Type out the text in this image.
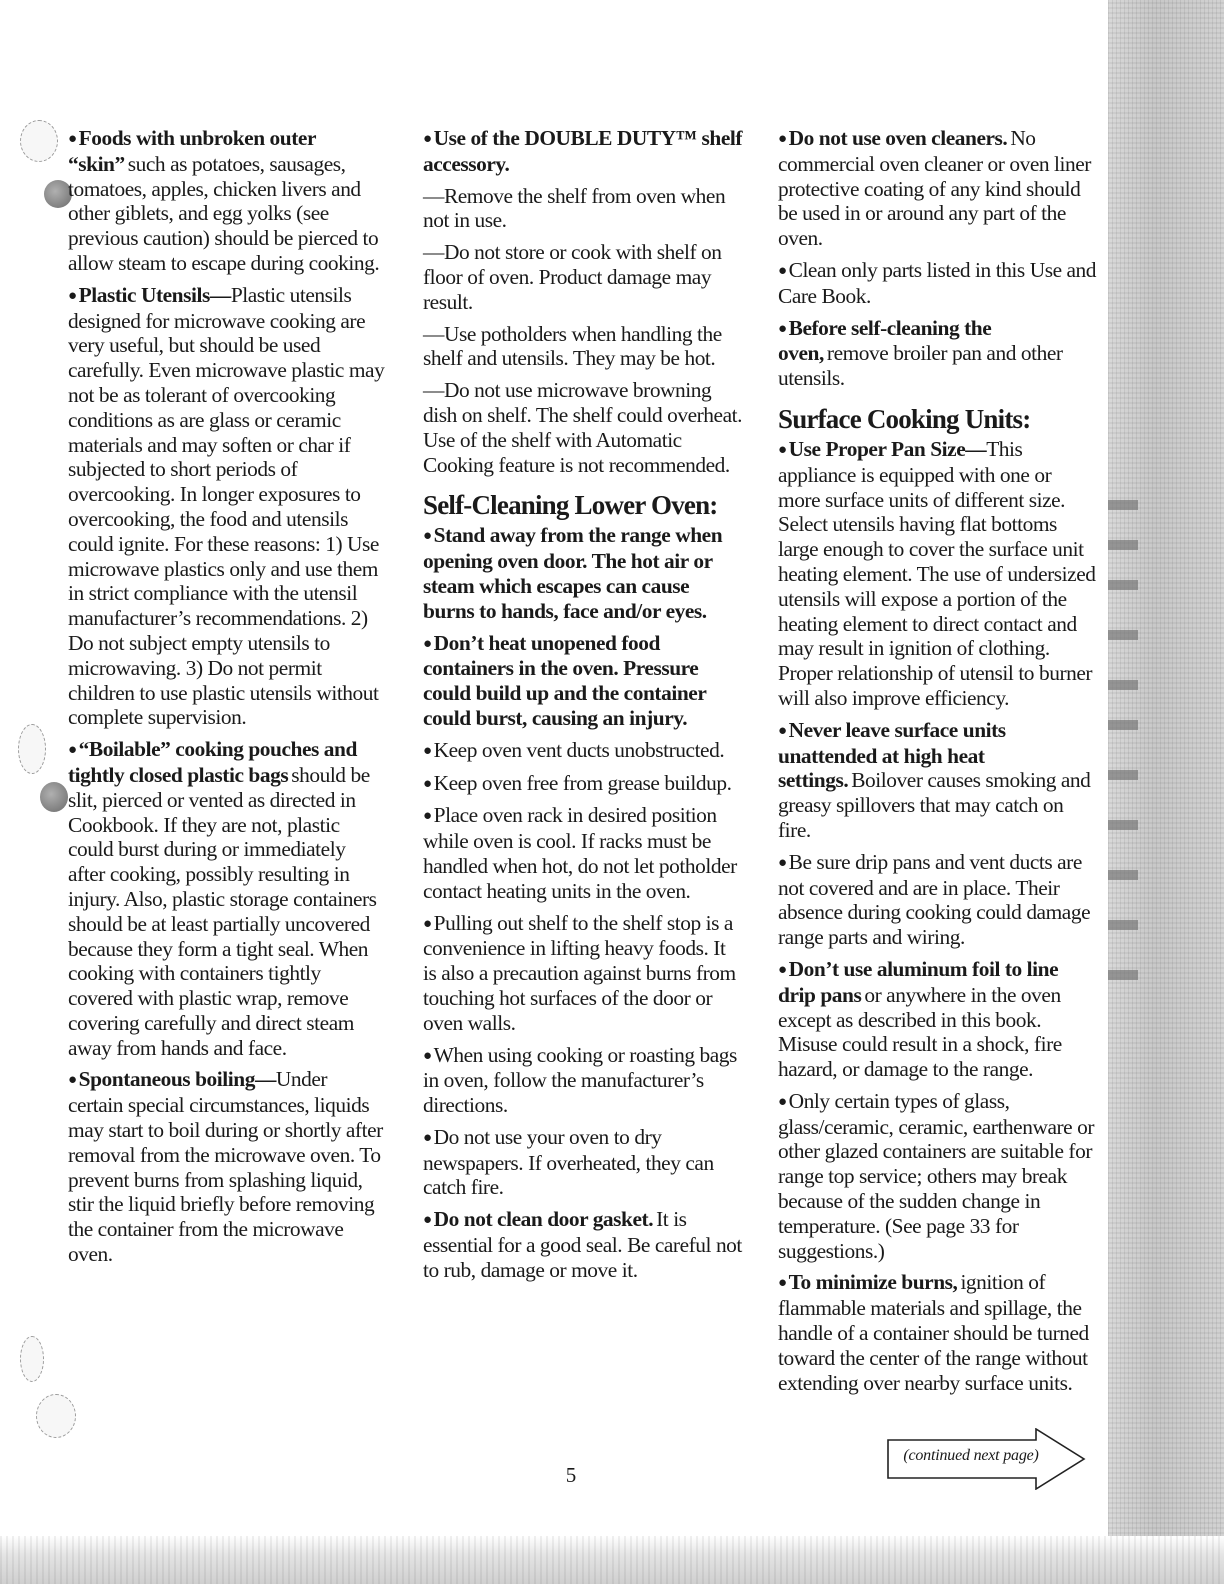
●Foods with unbroken outer “skin” such as potatoes, sausages, tomatoes, apples, chicken livers and other giblets, and egg yolks (see previous caution) should be pierced to allow steam to escape during cooking.
●Plastic Utensils—Plastic utensils designed for microwave cooking are very useful, but should be used carefully. Even microwave plastic may not be as tolerant of overcooking conditions as are glass or ceramic materials and may soften or char if subjected to short periods of overcooking. In longer exposures to overcooking, the food and utensils could ignite. For these reasons: 1) Use microwave plastics only and use them in strict compliance with the utensil manufacturer’s recommendations. 2) Do not subject empty utensils to microwaving. 3) Do not permit children to use plastic utensils without complete supervision.
●“Boilable” cooking pouches and tightly closed plastic bags should be slit, pierced or vented as directed in Cookbook. If they are not, plastic could burst during or immediately after cooking, possibly resulting in injury. Also, plastic storage containers should be at least partially uncovered because they form a tight seal. When cooking with containers tightly covered with plastic wrap, remove covering carefully and direct steam away from hands and face.
●Spontaneous boiling—Under certain special circumstances, liquids may start to boil during or shortly after removal from the microwave oven. To prevent burns from splashing liquid, stir the liquid briefly before removing the container from the microwave oven.
●Use of the DOUBLE DUTY™ shelf accessory.
—Remove the shelf from oven when not in use.
—Do not store or cook with shelf on floor of oven. Product damage may result.
—Use potholders when handling the shelf and utensils. They may be hot.
—Do not use microwave browning dish on shelf. The shelf could overheat. Use of the shelf with Automatic Cooking feature is not recommended.
Self-Cleaning Lower Oven:
●Stand away from the range when opening oven door. The hot air or steam which escapes can cause burns to hands, face and/or eyes.
●Don’t heat unopened food containers in the oven. Pressure could build up and the container could burst, causing an injury.
●Keep oven vent ducts unobstructed.
●Keep oven free from grease buildup.
●Place oven rack in desired position while oven is cool. If racks must be handled when hot, do not let potholder contact heating units in the oven.
●Pulling out shelf to the shelf stop is a convenience in lifting heavy foods. It is also a precaution against burns from touching hot surfaces of the door or oven walls.
●When using cooking or roasting bags in oven, follow the manufacturer’s directions.
●Do not use your oven to dry newspapers. If overheated, they can catch fire.
●Do not clean door gasket. It is essential for a good seal. Be careful not to rub, damage or move it.
●Do not use oven cleaners. No commercial oven cleaner or oven liner protective coating of any kind should be used in or around any part of the oven.
●Clean only parts listed in this Use and Care Book.
●Before self-cleaning the oven, remove broiler pan and other utensils.
Surface Cooking Units:
●Use Proper Pan Size—This appliance is equipped with one or more surface units of different size. Select utensils having flat bottoms large enough to cover the surface unit heating element. The use of undersized utensils will expose a portion of the heating element to direct contact and may result in ignition of clothing. Proper relationship of utensil to burner will also improve efficiency.
●Never leave surface units unattended at high heat settings. Boilover causes smoking and greasy spillovers that may catch on fire.
●Be sure drip pans and vent ducts are not covered and are in place. Their absence during cooking could damage range parts and wiring.
●Don’t use aluminum foil to line drip pans or anywhere in the oven except as described in this book. Misuse could result in a shock, fire hazard, or damage to the range.
●Only certain types of glass, glass/ceramic, ceramic, earthenware or other glazed containers are suitable for range top service; others may break because of the sudden change in temperature. (See page 33 for suggestions.)
●To minimize burns, ignition of flammable materials and spillage, the handle of a container should be turned toward the center of the range without extending over nearby surface units.
5
(continued next page)
